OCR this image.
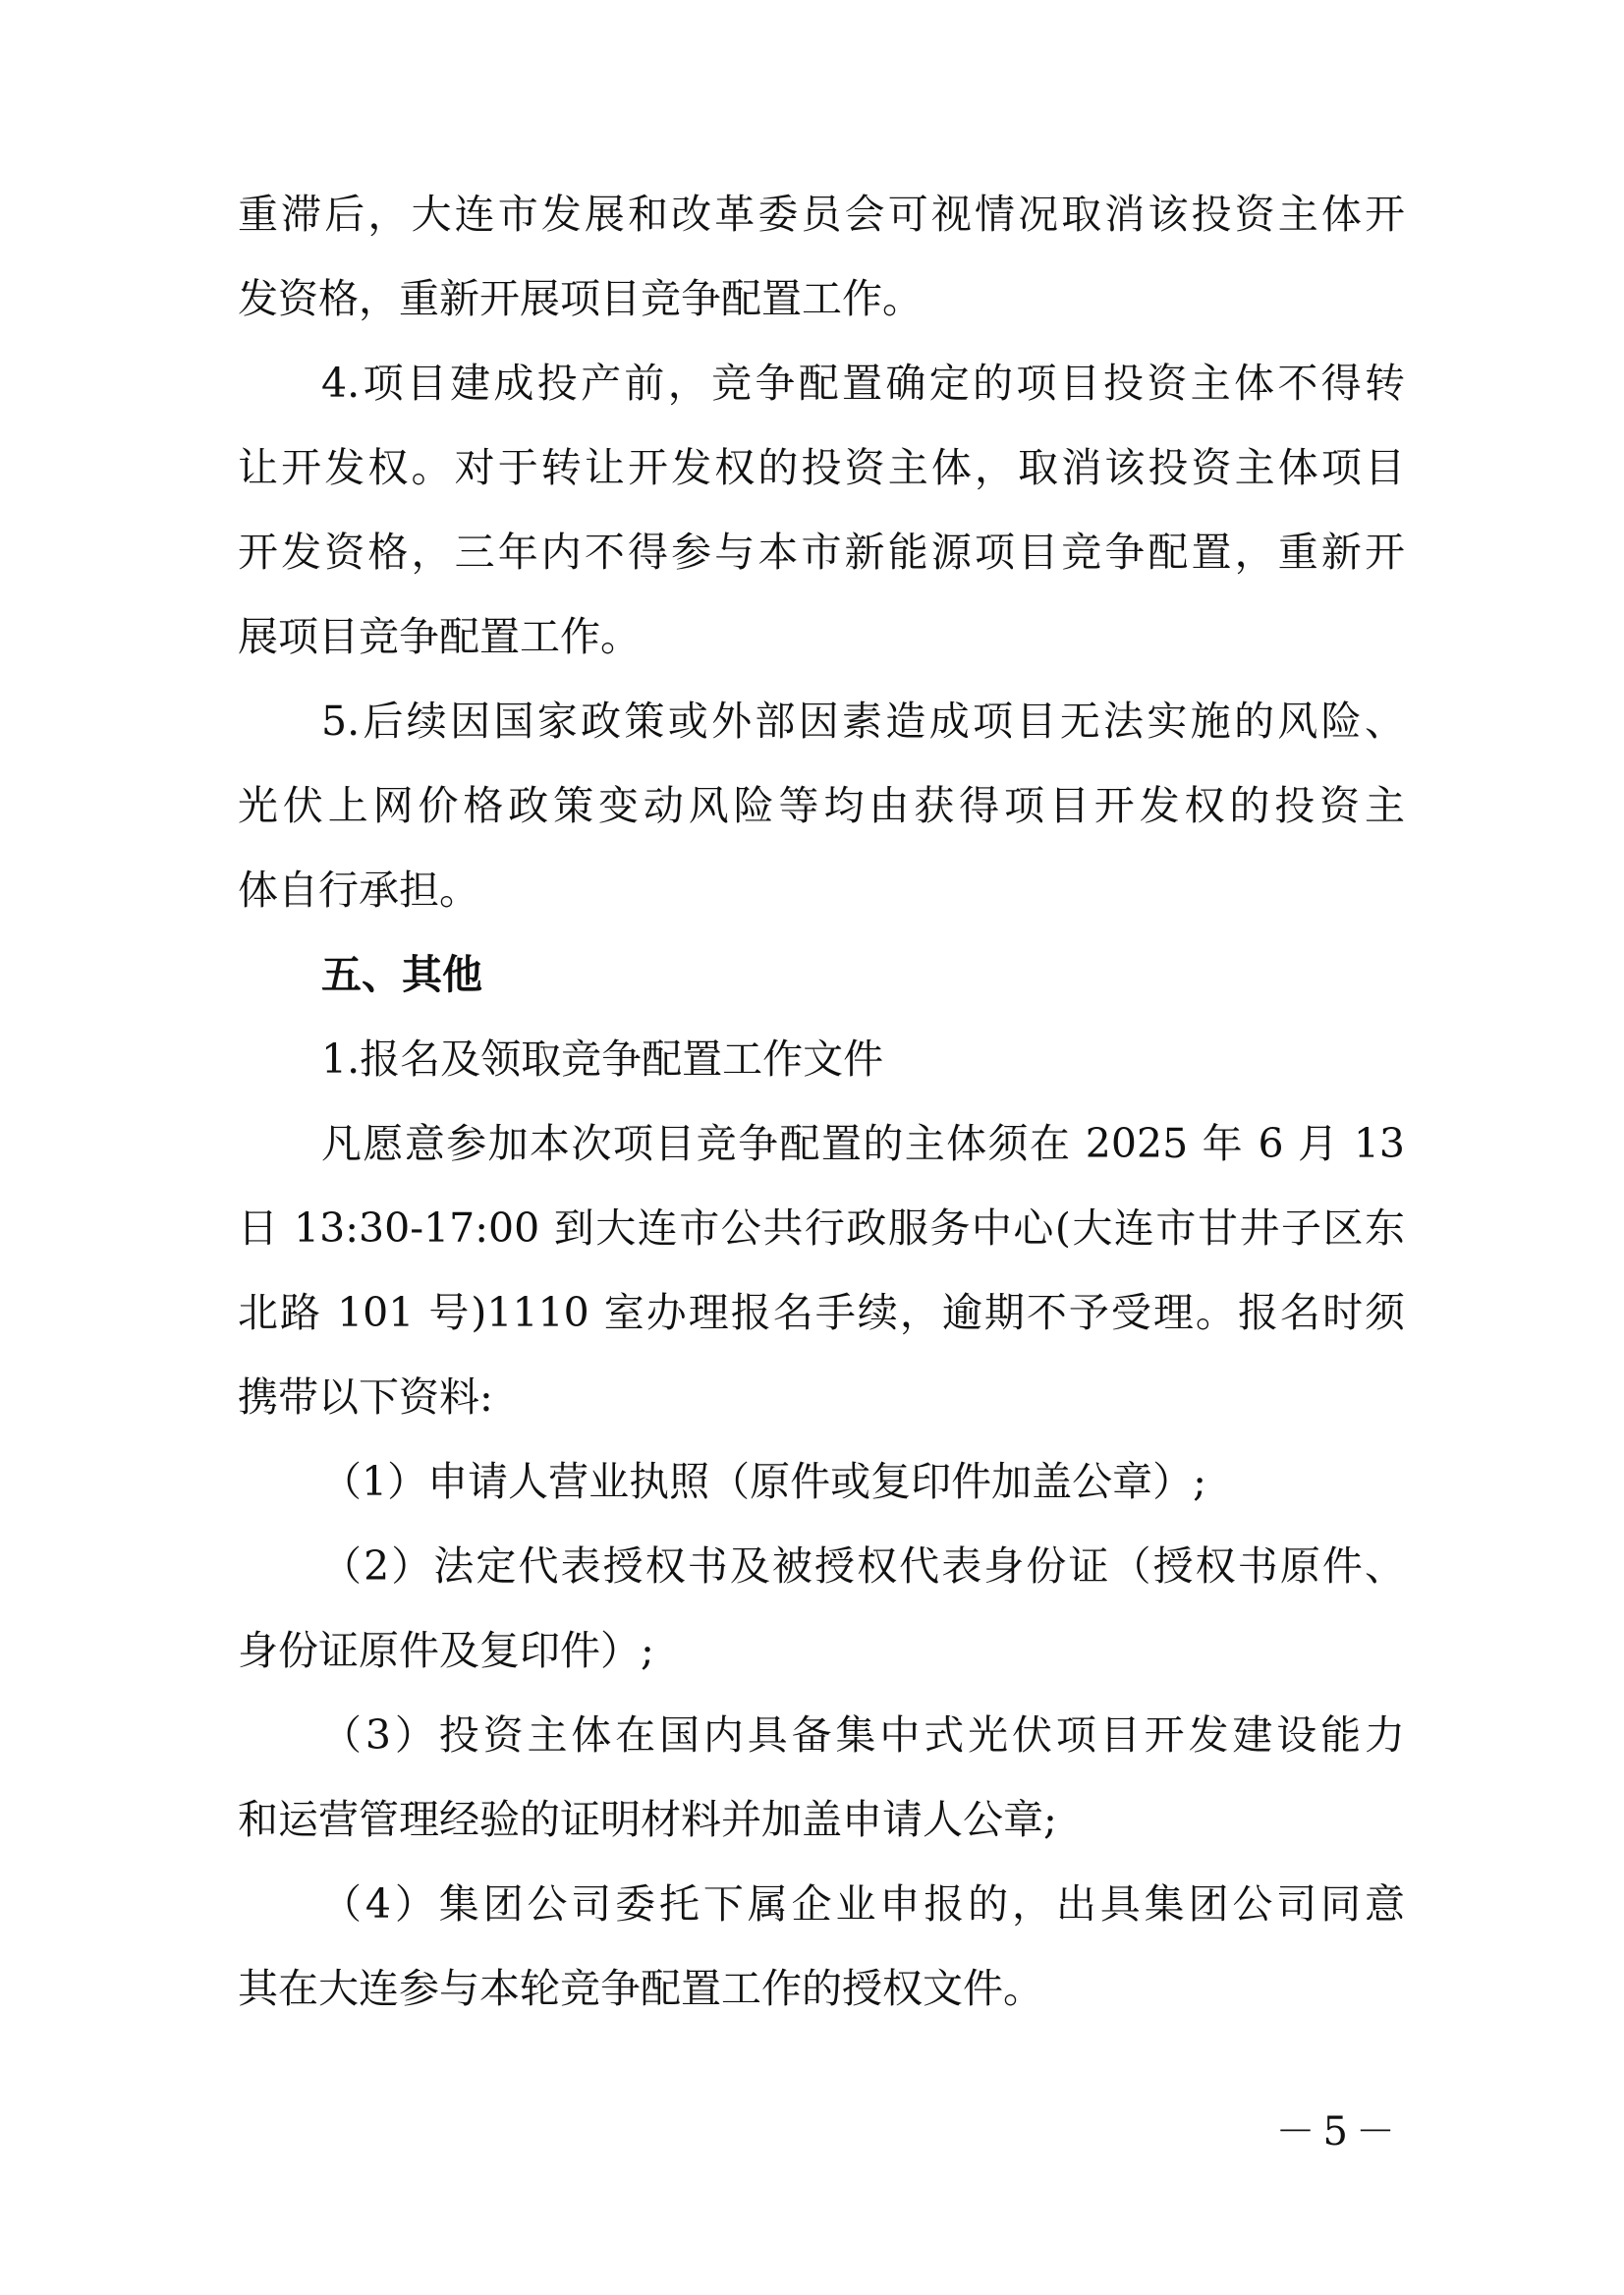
重滞后，大连市发展和改革委员会可视情况取消该投资主体开
发资格，重新开展项目竞争配置工作。
4.项目建成投产前，竞争配置确定的项目投资主体不得转
让开发权。对于转让开发权的投资主体，取消该投资主体项目
开发资格，三年内不得参与本市新能源项目竞争配置，重新开
展项目竞争配置工作。
5.后续因国家政策或外部因素造成项目无法实施的风险、
光伏上网价格政策变动风险等均由获得项目开发权的投资主
体自行承担。
五、其他
1.报名及领取竞争配置工作文件
凡愿意参加本次项目竞争配置的主体须在 2025 年 6 月 13
日 13:30-17:00 到大连市公共行政服务中心(大连市甘井子区东
北路 101 号)1110 室办理报名手续，逾期不予受理。报名时须
携带以下资料:
（1）申请人营业执照（原件或复印件加盖公章）;
（2）法定代表授权书及被授权代表身份证（授权书原件、
身份证原件及复印件）;
（3）投资主体在国内具备集中式光伏项目开发建设能力
和运营管理经验的证明材料并加盖申请人公章;
（4）集团公司委托下属企业申报的，出具集团公司同意
其在大连参与本轮竞争配置工作的授权文件。
－5－
